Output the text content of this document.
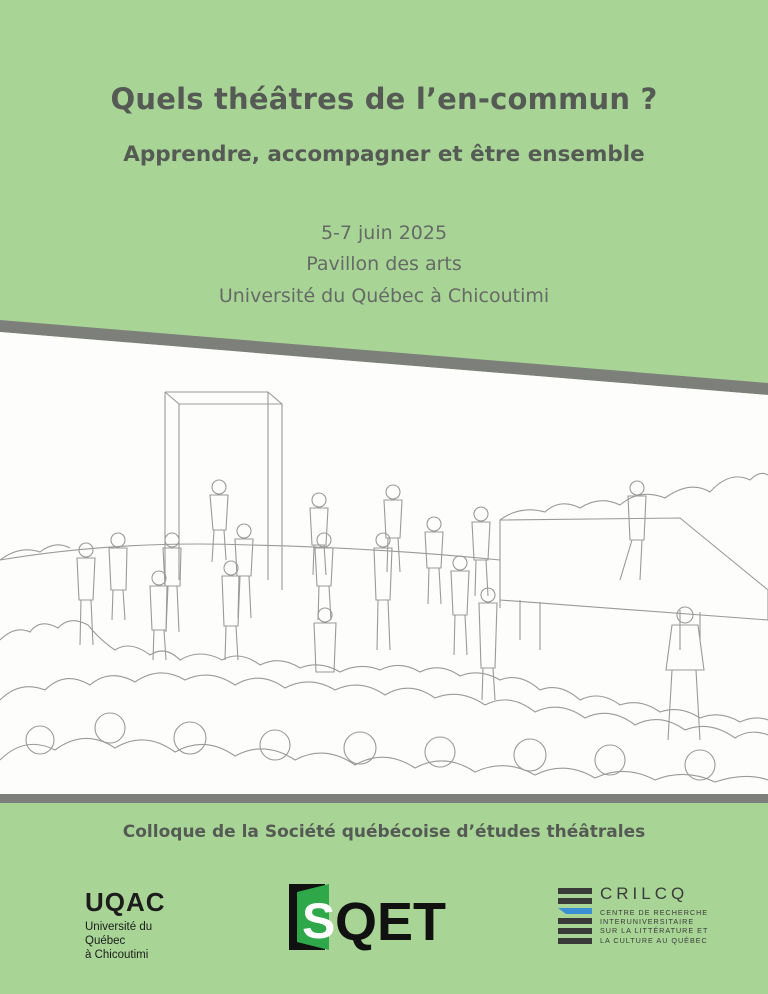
Quels théâtres de l’en-commun ?
Apprendre, accompagner et être ensemble
5-7 juin 2025
Pavillon des arts
Université du Québec à Chicoutimi
Colloque de la Société québécoise d’études théâtrales
UQAC
Université du Québec
à Chicoutimi
S QET	CRILCQ
CENTRE DE RECHERCHE
INTERUNIVERSITAIRE
SUR LA LITTÉRATURE ET
LA CULTURE AU QUÉBEC
